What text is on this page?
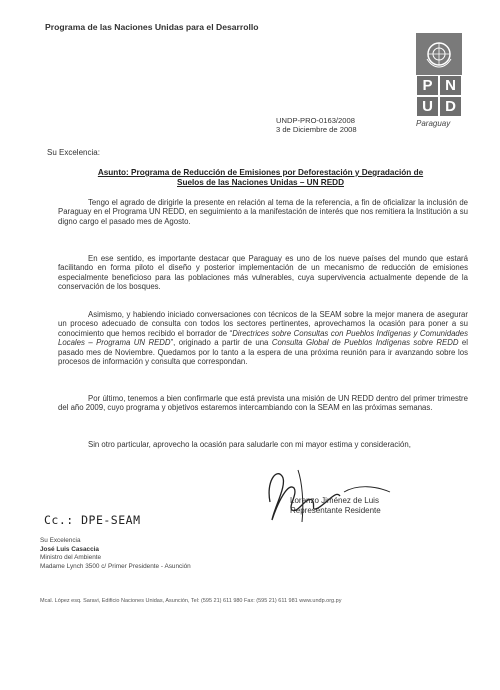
Programa de las Naciones Unidas para el Desarrollo
P N
U D
Paraguay
UNDP-PRO-0163/2008
3 de Diciembre de 2008
Su Excelencia:
Asunto: Programa de Reducción de Emisiones por Deforestación y Degradación de
Suelos de las Naciones Unidas – UN REDD
Tengo el agrado de dirigirle la presente en relación al tema de la referencia, a fin de oficializar la inclusión de Paraguay en el Programa UN REDD, en seguimiento a la manifestación de interés que nos remitiera la Institución a su digno cargo el pasado mes de Agosto.
En ese sentido, es importante destacar que Paraguay es uno de los nueve países del mundo que estará facilitando en forma piloto el diseño y posterior implementación de un mecanismo de reducción de emisiones especialmente beneficioso para las poblaciones más vulnerables, cuya supervivencia actualmente depende de la conservación de los bosques.
Asimismo, y habiendo iniciado conversaciones con técnicos de la SEAM sobre la mejor manera de asegurar un proceso adecuado de consulta con todos los sectores pertinentes, aprovechamos la ocasión para poner a su conocimiento que hemos recibido el borrador de “Directrices sobre Consultas con Pueblos Indígenas y Comunidades Locales – Programa UN REDD”, originado a partir de una Consulta Global de Pueblos Indígenas sobre REDD el pasado mes de Noviembre. Quedamos por lo tanto a la espera de una próxima reunión para ir avanzando sobre los procesos de información y consulta que correspondan.
Por último, tenemos a bien confirmarle que está prevista una misión de UN REDD dentro del primer trimestre del año 2009, cuyo programa y objetivos estaremos intercambiando con la SEAM en las próximas semanas.
Sin otro particular, aprovecho la ocasión para saludarle con mi mayor estima y consideración,
Lorenzo Jiménez de Luis
Representante Residente
Cc.: DPE-SEAM
Su Excelencia
José Luis Casaccia
Ministro del Ambiente
Madame Lynch 3500 c/ Primer Presidente - Asunción
Mcal. López esq. Saravi, Edificio Naciones Unidas, Asunción, Tel: (595 21) 611 980 Fax: (595 21) 611 981 www.undp.org.py
